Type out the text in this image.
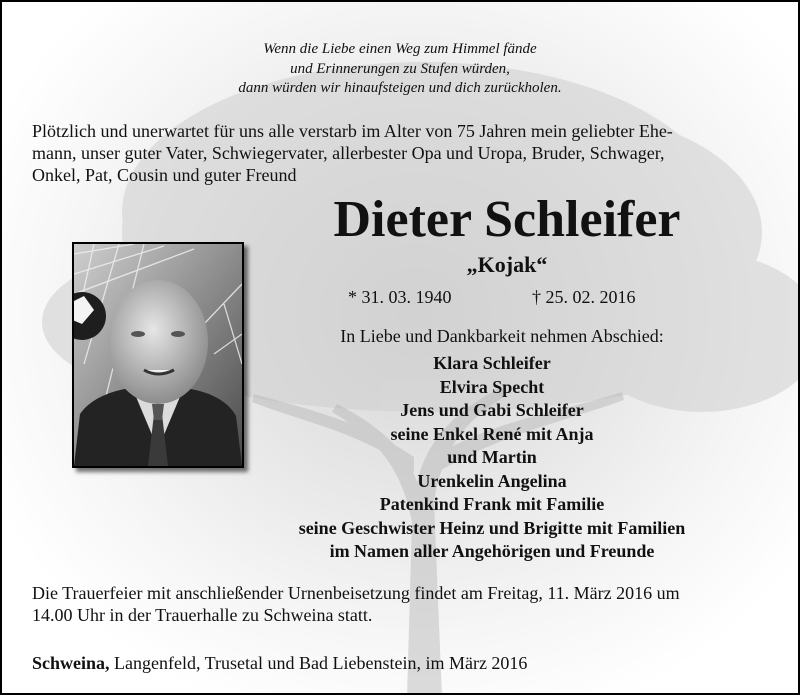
Wenn die Liebe einen Weg zum Himmel fände
und Erinnerungen zu Stufen würden,
dann würden wir hinaufsteigen und dich zurückholen.
Plötzlich und unerwartet für uns alle verstarb im Alter von 75 Jahren mein geliebter Ehe-
mann, unser guter Vater, Schwiegervater, allerbester Opa und Uropa, Bruder, Schwager,
Onkel, Pat, Cousin und guter Freund
Dieter Schleifer
„Kojak“
* 31. 03. 1940	† 25. 02. 2016
In Liebe und Dankbarkeit nehmen Abschied:
Klara Schleifer
Elvira Specht
Jens und Gabi Schleifer
seine Enkel René mit Anja
und Martin
Urenkelin Angelina
Patenkind Frank mit Familie
seine Geschwister Heinz und Brigitte mit Familien
im Namen aller Angehörigen und Freunde
Die Trauerfeier mit anschließender Urnenbeisetzung findet am Freitag, 11. März 2016 um
14.00 Uhr in der Trauerhalle zu Schweina statt.
Schweina, Langenfeld, Trusetal und Bad Liebenstein, im März 2016
